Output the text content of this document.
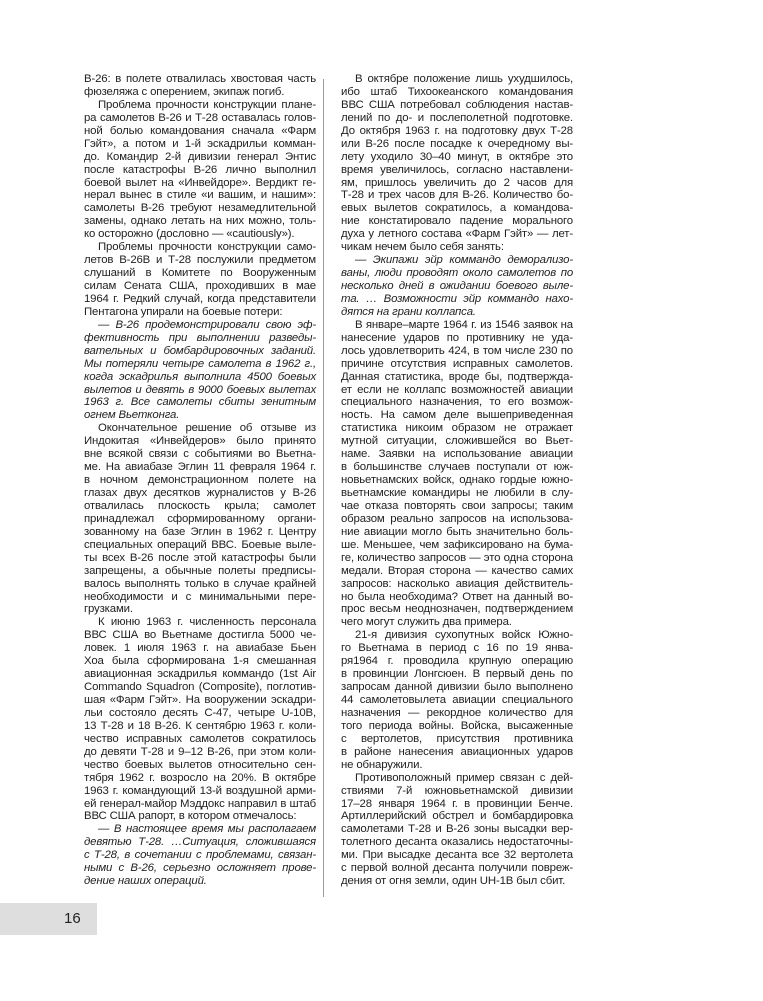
В-26: в полете отвалилась хвостовая часть
фюзеляжа с оперением, экипаж погиб.
Проблема прочности конструкции плане-
ра самолетов В-26 и Т-28 оставалась голов-
ной болью командования сначала «Фарм
Гэйт», а потом и 1-й эскадрильи комман-
до. Командир 2-й дивизии генерал Энтис
после катастрофы В-26 лично выполнил
боевой вылет на «Инвейдоре». Вердикт ге-
нерал вынес в стиле «и вашим, и нашим»:
самолеты В-26 требуют незамедлительной
замены, однако летать на них можно, толь-
ко осторожно (дословно — «cautiously»).
Проблемы прочности конструкции само-
летов В-26В и Т-28 послужили предметом
слушаний в Комитете по Вооруженным
силам Сената США, проходивших в мае
1964 г. Редкий случай, когда представители
Пентагона упирали на боевые потери:
— В-26 продемонстрировали свою эф-
фективность при выполнении разведы-
вательных и бомбардировочных заданий.
Мы потеряли четыре самолета в 1962 г.,
когда эскадрилья выполнила 4500 боевых
вылетов и девять в 9000 боевых вылетах
1963 г. Все самолеты сбиты зенитным
огнем Вьетконга.
Окончательное решение об отзыве из
Индокитая «Инвейдеров» было принято
вне всякой связи с событиями во Вьетна-
ме. На авиабазе Эглин 11 февраля 1964 г.
в ночном демонстрационном полете на
глазах двух десятков журналистов у В-26
отвалилась плоскость крыла; самолет
принадлежал сформированному органи-
зованному на базе Эглин в 1962 г. Центру
специальных операций ВВС. Боевые выле-
ты всех В-26 после этой катастрофы были
запрещены, а обычные полеты предписы-
валось выполнять только в случае крайней
необходимости и с минимальными пере-
грузками.
К июню 1963 г. численность персонала
ВВС США во Вьетнаме достигла 5000 че-
ловек. 1 июля 1963 г. на авиабазе Бьен
Хоа была сформирована 1-я смешанная
авиационная эскадрилья коммандо (1st Air
Commando Squadron (Composite), поглотив-
шая «Фарм Гэйт». На вооружении эскадри-
льи состояло десять С-47, четыре U-10B,
13 Т-28 и 18 В-26. К сентябрю 1963 г. коли-
чество исправных самолетов сократилось
до девяти Т-28 и 9–12 В-26, при этом коли-
чество боевых вылетов относительно сен-
тября 1962 г. возросло на 20%. В октябре
1963 г. командующий 13-й воздушной арми-
ей генерал-майор Мэддокс направил в штаб
ВВС США рапорт, в котором отмечалось:
— В настоящее время мы располагаем
девятью Т-28. …Ситуация, сложившаяся
с Т-28, в сочетании с проблемами, связан-
ными с В-26, серьезно осложняет прове-
дение наших операций.
В октябре положение лишь ухудшилось,
ибо штаб Тихоокеанского командования
ВВС США потребовал соблюдения настав-
лений по до- и послеполетной подготовке.
До октября 1963 г. на подготовку двух Т-28
или В-26 после посадке к очередному вы-
лету уходило 30–40 минут, в октябре это
время увеличилось, согласно наставлени-
ям, пришлось увеличить до 2 часов для
Т-28 и трех часов для В-26. Количество бо-
евых вылетов сократилось, а командова-
ние констатировало падение морального
духа у летного состава «Фарм Гэйт» — лет-
чикам нечем было себя занять:
— Экипажи эйр коммандо деморализо-
ваны, люди проводят около самолетов по
несколько дней в ожидании боевого выле-
та. … Возможности эйр коммандо нахо-
дятся на грани коллапса.
В январе–марте 1964 г. из 1546 заявок на
нанесение ударов по противнику не уда-
лось удовлетворить 424, в том числе 230 по
причине отсутствия исправных самолетов.
Данная статистика, вроде бы, подтвержда-
ет если не коллапс возможностей авиации
специального назначения, то его возмож-
ность. На самом деле вышеприведенная
статистика никоим образом не отражает
мутной ситуации, сложившейся во Вьет-
наме. Заявки на использование авиации
в большинстве случаев поступали от юж-
новьетнамских войск, однако гордые южно-
вьетнамские командиры не любили в слу-
чае отказа повторять свои запросы; таким
образом реально запросов на использова-
ние авиации могло быть значительно боль-
ше. Меньшее, чем зафиксировано на бума-
ге, количество запросов — это одна сторона
медали. Вторая сторона — качество самих
запросов: насколько авиация действитель-
но была необходима? Ответ на данный во-
прос весьм неоднозначен, подтверждением
чего могут служить два примера.
21-я дивизия сухопутных войск Южно-
го Вьетнама в период с 16 по 19 янва-
ря1964 г. проводила крупную операцию
в провинции Лонгсюен. В первый день по
запросам данной дивизии было выполнено
44 самолетовылета авиации специального
назначения — рекордное количество для
того периода войны. Войска, высаженные
с вертолетов, присутствия противника
в районе нанесения авиационных ударов
не обнаружили.
Противоположный пример связан с дей-
ствиями 7-й южновьетнамской дивизии
17–28 января 1964 г. в провинции Бенче.
Артиллерийский обстрел и бомбардировка
самолетами Т-28 и В-26 зоны высадки вер-
толетного десанта оказались недостаточны-
ми. При высадке десанта все 32 вертолета
с первой волной десанта получили повреж-
дения от огня земли, один UH-1В был сбит.
16
